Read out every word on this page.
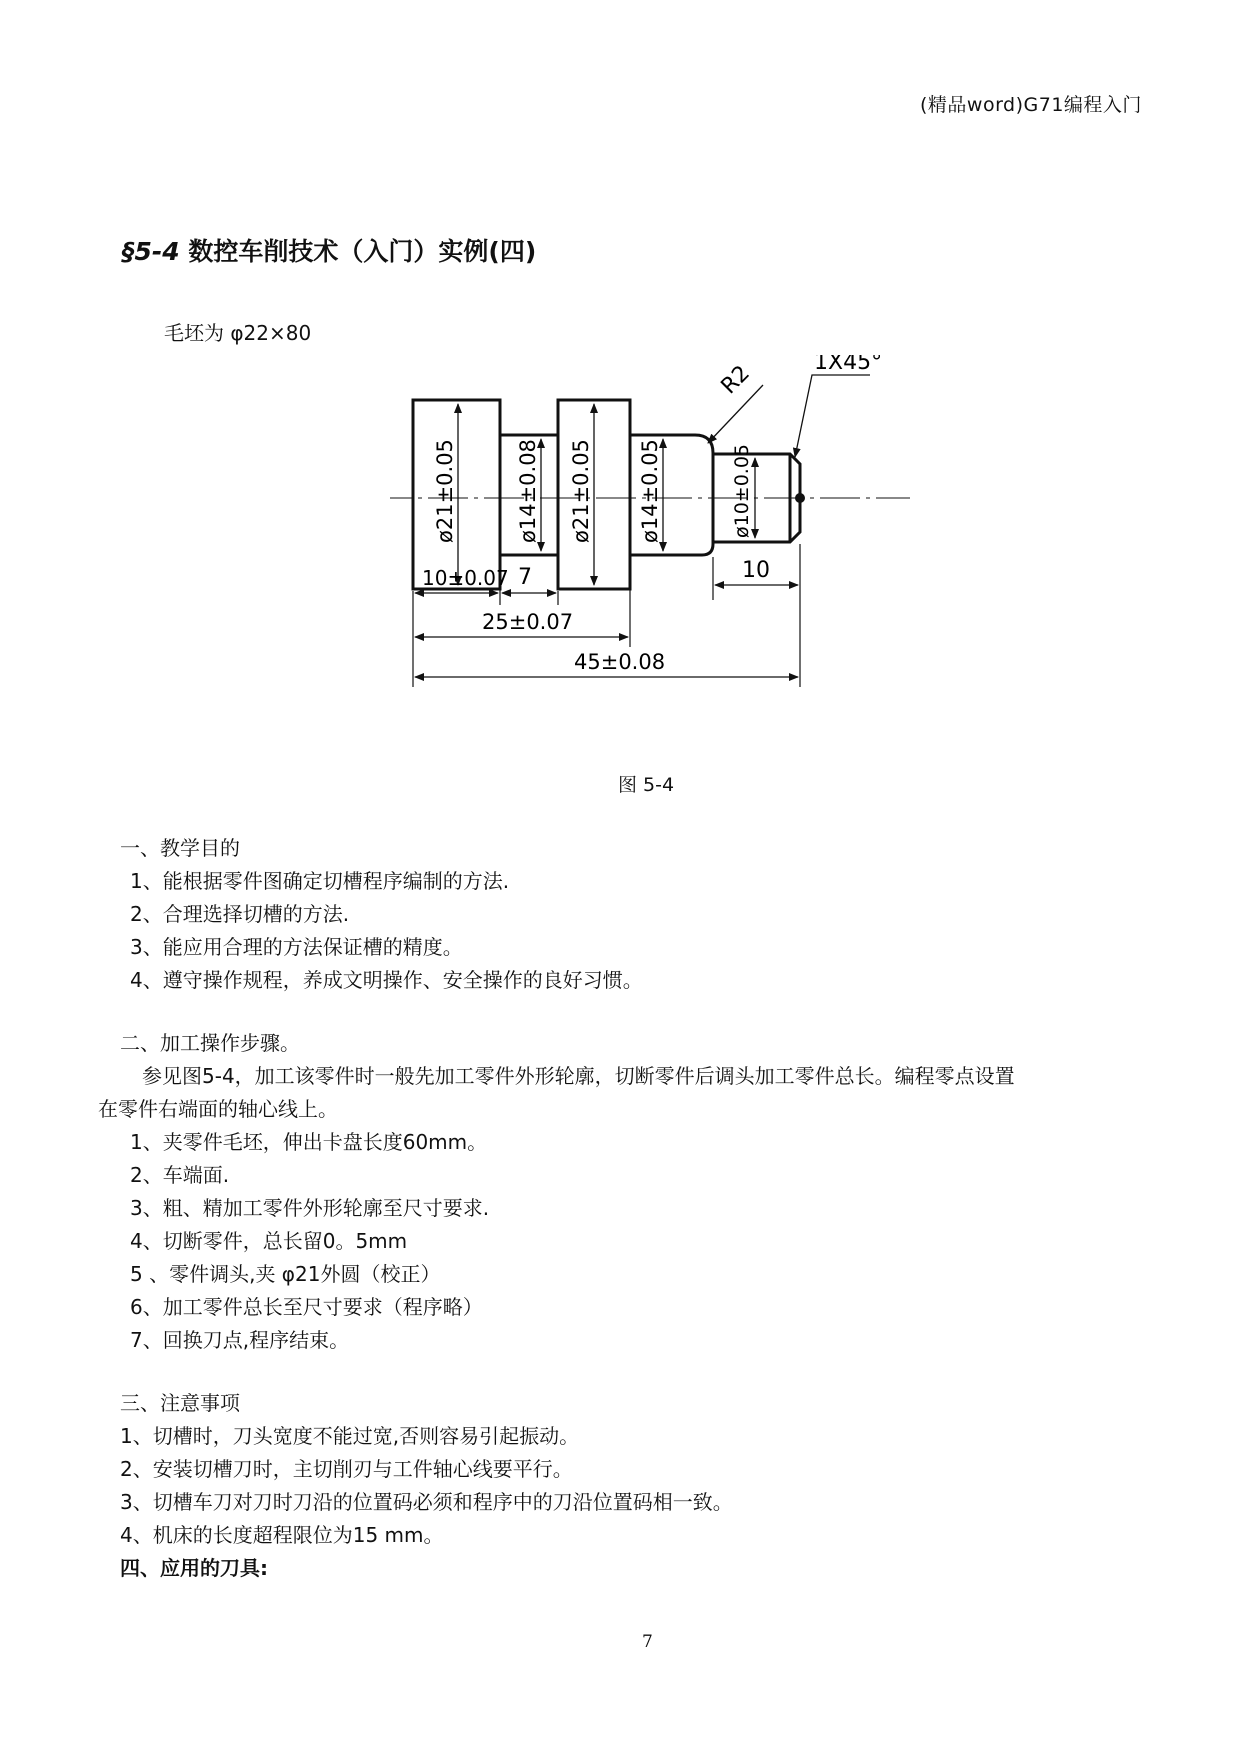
(精品word)G71编程入门
§5-4 数控车削技术（入门）实例(四)
毛坯为 φ22×80
ø21±0.05	ø14±0.08 ø21±0.05 ø14±0.05	ø10±0.05
R2	1X45°
10±0.07 7	10
25±0.07
45±0.08
图 5-4
一、教学目的
1、能根据零件图确定切槽程序编制的方法.
2、合理选择切槽的方法.
3、能应用合理的方法保证槽的精度。
4、遵守操作规程，养成文明操作、安全操作的良好习惯。
二、加工操作步骤。
参见图5-4，加工该零件时一般先加工零件外形轮廓，切断零件后调头加工零件总长。编程零点设置
在零件右端面的轴心线上。
1、夹零件毛坯，伸出卡盘长度60mm。
2、车端面.
3、粗、精加工零件外形轮廓至尺寸要求.
4、切断零件，总长留0。5mm
5 、零件调头,夹 φ21外圆（校正）
6、加工零件总长至尺寸要求（程序略）
7、回换刀点,程序结束。
三、注意事项
1、切槽时，刀头宽度不能过宽,否则容易引起振动。
2、安装切槽刀时，主切削刃与工件轴心线要平行。
3、切槽车刀对刀时刀沿的位置码必须和程序中的刀沿位置码相一致。
4、机床的长度超程限位为15 mm。
四、应用的刀具:
7
